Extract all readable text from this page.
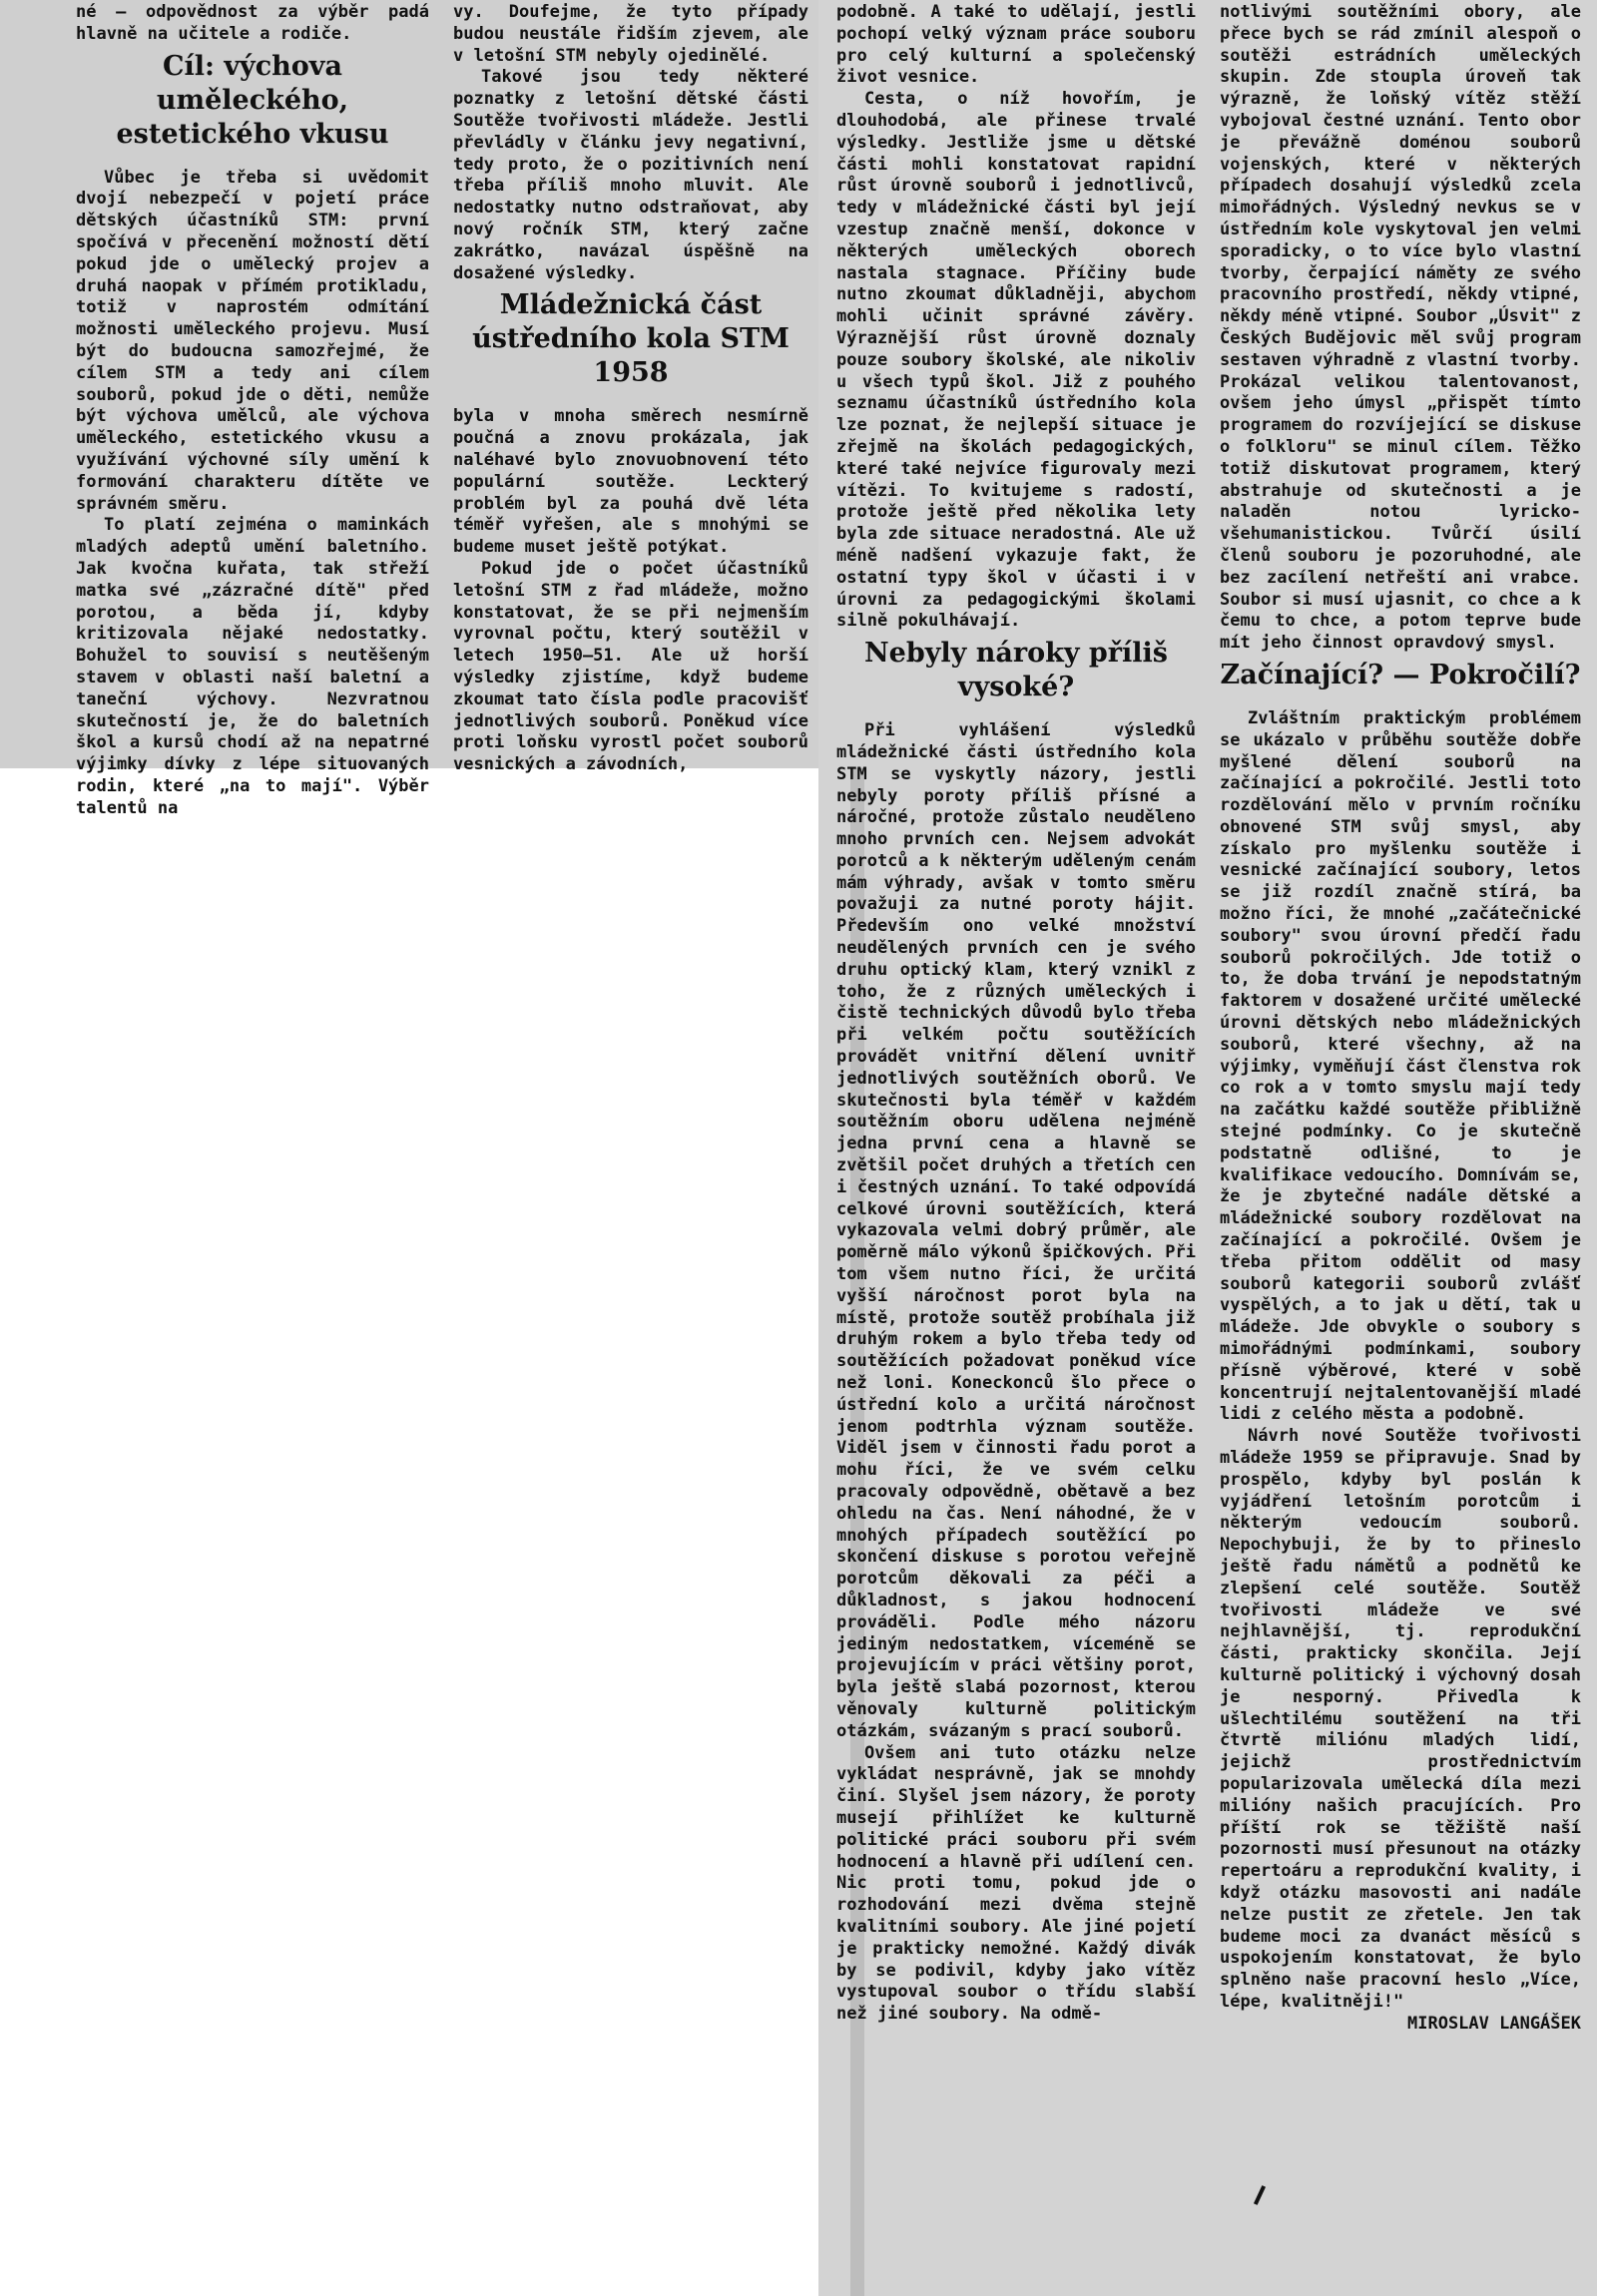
né — odpovědnost za výběr padá hlavně na učitele a rodiče.

Cíl: výchova uměleckého, estetického vkusu

Vůbec je třeba si uvědomit dvojí nebezpečí v pojetí práce dětských účastníků STM: první spočívá v přecenění možností dětí pokud jde o umělecký projev a druhá naopak v přímém protikladu, totiž v naprostém odmítání možnosti uměleckého projevu. Musí být do budoucna samozřejmé, že cílem STM a tedy ani cílem souborů, pokud jde o děti, nemůže být výchova umělců, ale výchova uměleckého, estetického vkusu a využívání výchovné síly umění k formování charakteru dítěte ve správném směru.

To platí zejména o maminkách mladých adeptů umění baletního. Jak kvočna kuřata, tak střeží matka své „zázračné dítě" před porotou, a běda jí, kdyby kritizovala nějaké nedostatky. Bohužel to souvisí s neutěšeným stavem v oblasti naší baletní a taneční výchovy. Nezvratnou skutečností je, že do baletních škol a kursů chodí až na nepatrné výjimky dívky z lépe situovaných rodin, které „na to mají". Výběr talentů na

vy. Doufejme, že tyto případy budou neustále řidším zjevem, ale v letošní STM nebyly ojedinělé.

Takové jsou tedy některé poznatky z letošní dětské části Soutěže tvořivosti mládeže. Jestli převládly v článku jevy negativní, tedy proto, že o pozitivních není třeba příliš mnoho mluvit. Ale nedostatky nutno odstraňovat, aby nový ročník STM, který začne zakrátko, navázal úspěšně na dosažené výsledky.

Mládežnická část ústředního kola STM 1958

byla v mnoha směrech nesmírně poučná a znovu prokázala, jak naléhavé bylo znovuobnovení této populární soutěže. Leckterý problém byl za pouhá dvě léta téměř vyřešen, ale s mnohými se budeme muset ještě potýkat.

Pokud jde o počet účastníků letošní STM z řad mládeže, možno konstatovat, že se při nejmenším vyrovnal počtu, který soutěžil v letech 1950—51. Ale už horší výsledky zjistíme, když budeme zkoumat tato čísla podle pracovišť jednotlivých souborů. Poněkud více proti loňsku vyrostl počet souborů vesnických a závodních,

podobně. A také to udělají, jestli pochopí velký význam práce souboru pro celý kulturní a společenský život vesnice.

Cesta, o níž hovořím, je dlouhodobá, ale přinese trvalé výsledky. Jestliže jsme u dětské části mohli konstatovat rapidní růst úrovně souborů i jednotlivců, tedy v mládežnické části byl její vzestup značně menší, dokonce v některých uměleckých oborech nastala stagnace. Příčiny bude nutno zkoumat důkladněji, abychom mohli učinit správné závěry. Výraznější růst úrovně doznaly pouze soubory školské, ale nikoliv u všech typů škol. Již z pouhého seznamu účastníků ústředního kola lze poznat, že nejlepší situace je zřejmě na školách pedagogických, které také nejvíce figurovaly mezi vítězi. To kvitujeme s radostí, protože ještě před několika lety byla zde situace neradostná. Ale už méně nadšení vykazuje fakt, že ostatní typy škol v účasti i v úrovni za pedagogickými školami silně pokulhávají.

Nebyly nároky příliš vysoké?

Při vyhlášení výsledků mládežnické části ústředního kola STM se vyskytly názory, jestli nebyly poroty příliš přísné a náročné, protože zůstalo neuděleno mnoho prvních cen. Nejsem advokát porotců a k některým uděleným cenám mám výhrady, avšak v tomto směru považuji za nutné poroty hájit. Především ono velké množství neudělených prvních cen je svého druhu optický klam, který vznikl z toho, že z různých uměleckých i čistě technických důvodů bylo třeba při velkém počtu soutěžících provádět vnitřní dělení uvnitř jednotlivých soutěžních oborů. Ve skutečnosti byla téměř v každém soutěžním oboru udělena nejméně jedna první cena a hlavně se zvětšil počet druhých a třetích cen i čestných uznání. To také odpovídá celkové úrovni soutěžících, která vykazovala velmi dobrý průměr, ale poměrně málo výkonů špičkových. Při tom všem nutno říci, že určitá vyšší náročnost porot byla na místě, protože soutěž probíhala již druhým rokem a bylo třeba tedy od soutěžících požadovat poněkud více než loni. Koneckonců šlo přece o ústřední kolo a určitá náročnost jenom podtrhla význam soutěže. Viděl jsem v činnosti řadu porot a mohu říci, že ve svém celku pracovaly odpovědně, obětavě a bez ohledu na čas. Není náhodné, že v mnohých případech soutěžící po skončení diskuse s porotou veřejně porotcům děkovali za péči a důkladnost, s jakou hodnocení prováděli. Podle mého názoru jediným nedostatkem, víceméně se projevujícím v práci většiny porot, byla ještě slabá pozornost, kterou věnovaly kulturně politickým otázkám, svázaným s prací souborů.

Ovšem ani tuto otázku nelze vykládat nesprávně, jak se mnohdy činí. Slyšel jsem názory, že poroty musejí přihlížet ke kulturně politické práci souboru při svém hodnocení a hlavně při udílení cen. Nic proti tomu, pokud jde o rozhodování mezi dvěma stejně kvalitními soubory. Ale jiné pojetí je prakticky nemožné. Každý divák by se podivil, kdyby jako vítěz vystupoval soubor o třídu slabší než jiné soubory. Na odmě-

notlivými soutěžními obory, ale přece bych se rád zmínil alespoň o soutěži estrádních uměleckých skupin. Zde stoupla úroveň tak výrazně, že loňský vítěz stěží vybojoval čestné uznání. Tento obor je převážně doménou souborů vojenských, které v některých případech dosahují výsledků zcela mimořádných. Výsledný nevkus se v ústředním kole vyskytoval jen velmi sporadicky, o to více bylo vlastní tvorby, čerpající náměty ze svého pracovního prostředí, někdy vtipné, někdy méně vtipné. Soubor „Úsvit" z Českých Budějovic měl svůj program sestaven výhradně z vlastní tvorby. Prokázal velikou talentovanost, ovšem jeho úmysl „přispět tímto programem do rozvíjející se diskuse o folkloru" se minul cílem. Těžko totiž diskutovat programem, který abstrahuje od skutečnosti a je naladěn notou lyricko-všehumanistickou. Tvůrčí úsilí členů souboru je pozoruhodné, ale bez zacílení netřeští ani vrabce. Soubor si musí ujasnit, co chce a k čemu to chce, a potom teprve bude mít jeho činnost opravdový smysl.

Začínající? — Pokročilí?

Zvláštním praktickým problémem se ukázalo v průběhu soutěže dobře myšlené dělení souborů na začínající a pokročilé. Jestli toto rozdělování mělo v prvním ročníku obnovené STM svůj smysl, aby získalo pro myšlenku soutěže i vesnické začínající soubory, letos se již rozdíl značně stírá, ba možno říci, že mnohé „začátečnické soubory" svou úrovní předčí řadu souborů pokročilých. Jde totiž o to, že doba trvání je nepodstatným faktorem v dosažené určité umělecké úrovni dětských nebo mládežnických souborů, které všechny, až na výjimky, vyměňují část členstva rok co rok a v tomto smyslu mají tedy na začátku každé soutěže přibližně stejné podmínky. Co je skutečně podstatně odlišné, to je kvalifikace vedoucího. Domnívám se, že je zbytečné nadále dětské a mládežnické soubory rozdělovat na začínající a pokročilé. Ovšem je třeba přitom oddělit od masy souborů kategorii souborů zvlášť vyspělých, a to jak u dětí, tak u mládeže. Jde obvykle o soubory s mimořádnými podmínkami, soubory přísně výběrové, které v sobě koncentrují nejtalentovanější mladé lidi z celého města a podobně.

Návrh nové Soutěže tvořivosti mládeže 1959 se připravuje. Snad by prospělo, kdyby byl poslán k vyjádření letošním porotcům i některým vedoucím souborů. Nepochybuji, že by to přineslo ještě řadu námětů a podnětů ke zlepšení celé soutěže. Soutěž tvořivosti mládeže ve své nejhlavnější, tj. reprodukční části, prakticky skončila. Její kulturně politický i výchovný dosah je nesporný. Přivedla k ušlechtilému soutěžení na tři čtvrtě miliónu mladých lidí, jejichž prostřednictvím popularizovala umělecká díla mezi milióny našich pracujících. Pro příští rok se těžiště naší pozornosti musí přesunout na otázky repertoáru a reprodukční kvality, i když otázku masovosti ani nadále nelze pustit ze zřetele. Jen tak budeme moci za dvanáct měsíců s uspokojením konstatovat, že bylo splněno naše pracovní heslo „Více, lépe, kvalitněji!"

MIROSLAV LANGÁŠEK
